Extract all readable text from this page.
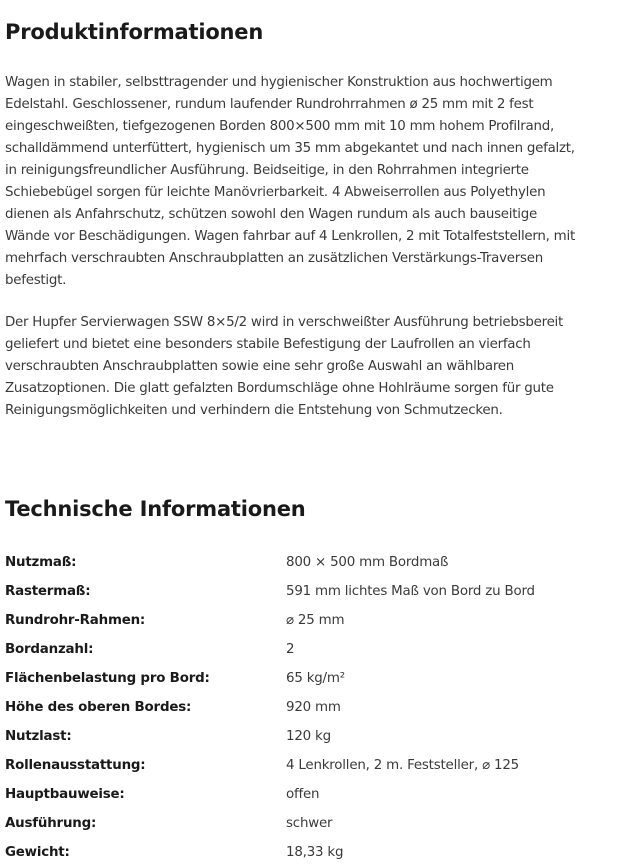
Produktinformationen

Wagen in stabiler, selbsttragender und hygienischer Konstruktion aus hochwertigem
Edelstahl. Geschlossener, rundum laufender Rundrohrrahmen ø 25 mm mit 2 fest
eingeschweißten, tiefgezogenen Borden 800×500 mm mit 10 mm hohem Profilrand,
schalldämmend unterfüttert, hygienisch um 35 mm abgekantet und nach innen gefalzt,
in reinigungsfreundlicher Ausführung. Beidseitige, in den Rohrrahmen integrierte
Schiebebügel sorgen für leichte Manövrierbarkeit. 4 Abweiserrollen aus Polyethylen
dienen als Anfahrschutz, schützen sowohl den Wagen rundum als auch bauseitige
Wände vor Beschädigungen. Wagen fahrbar auf 4 Lenkrollen, 2 mit Totalfeststellern, mit
mehrfach verschraubten Anschraubplatten an zusätzlichen Verstärkungs-Traversen
befestigt.

Der Hupfer Servierwagen SSW 8×5/2 wird in verschweißter Ausführung betriebsbereit
geliefert und bietet eine besonders stabile Befestigung der Laufrollen an vierfach
verschraubten Anschraubplatten sowie eine sehr große Auswahl an wählbaren
Zusatzoptionen. Die glatt gefalzten Bordumschläge ohne Hohlräume sorgen für gute
Reinigungsmöglichkeiten und verhindern die Entstehung von Schmutzecken.

Technische Informationen
Nutzmaß:	800 × 500 mm Bordmaß
Rastermaß:	591 mm lichtes Maß von Bord zu Bord
Rundrohr-Rahmen:	⌀ 25 mm
Bordanzahl:	2
Flächenbelastung pro Bord:	65 kg/m²
Höhe des oberen Bordes:	920 mm
Nutzlast:	120 kg
Rollenausstattung:	4 Lenkrollen, 2 m. Feststeller, ⌀ 125
Hauptbauweise:	offen
Ausführung:	schwer
Gewicht:	18,33 kg
